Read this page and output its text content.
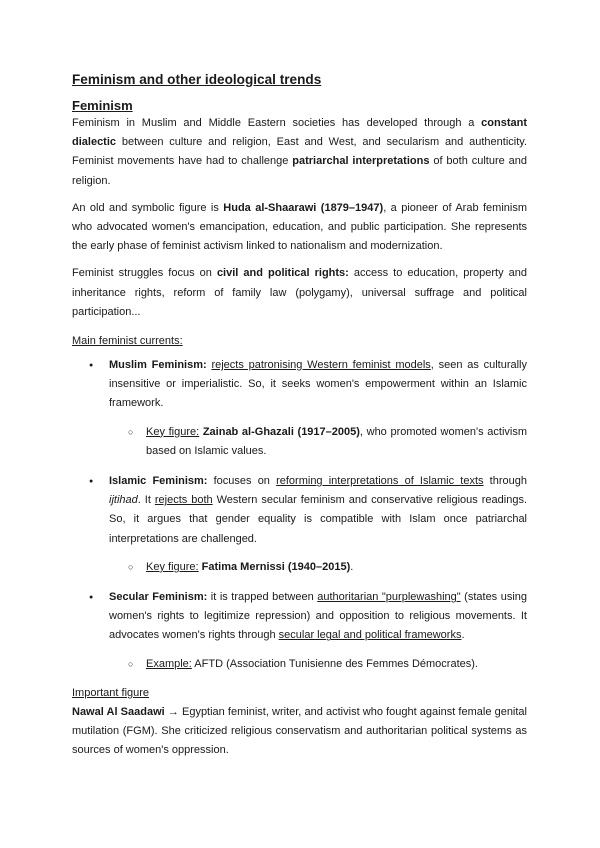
Feminism and other ideological trends
Feminism

Feminism in Muslim and Middle Eastern societies has developed through a constant dialectic between culture and religion, East and West, and secularism and authenticity. Feminist movements have had to challenge patriarchal interpretations of both culture and religion.

An old and symbolic figure is Huda al-Shaarawi (1879–1947), a pioneer of Arab feminism who advocated women's emancipation, education, and public participation. She represents the early phase of feminist activism linked to nationalism and modernization.

Feminist struggles focus on civil and political rights: access to education, property and inheritance rights, reform of family law (polygamy), universal suffrage and political participation...

Main feminist currents:
● Muslim Feminism: rejects patronising Western feminist models, seen as culturally insensitive or imperialistic. So, it seeks women's empowerment within an Islamic framework.
○ Key figure: Zainab al-Ghazali (1917–2005), who promoted women's activism based on Islamic values.
● Islamic Feminism: focuses on reforming interpretations of Islamic texts through ijtihad. It rejects both Western secular feminism and conservative religious readings. So, it argues that gender equality is compatible with Islam once patriarchal interpretations are challenged.
○ Key figure: Fatima Mernissi (1940–2015).
● Secular Feminism: it is trapped between authoritarian "purplewashing" (states using women's rights to legitimize repression) and opposition to religious movements. It advocates women's rights through secular legal and political frameworks.
○ Example: AFTD (Association Tunisienne des Femmes Démocrates).
Important figure

Nawal Al Saadawi → Egyptian feminist, writer, and activist who fought against female genital mutilation (FGM). She criticized religious conservatism and authoritarian political systems as sources of women's oppression.
